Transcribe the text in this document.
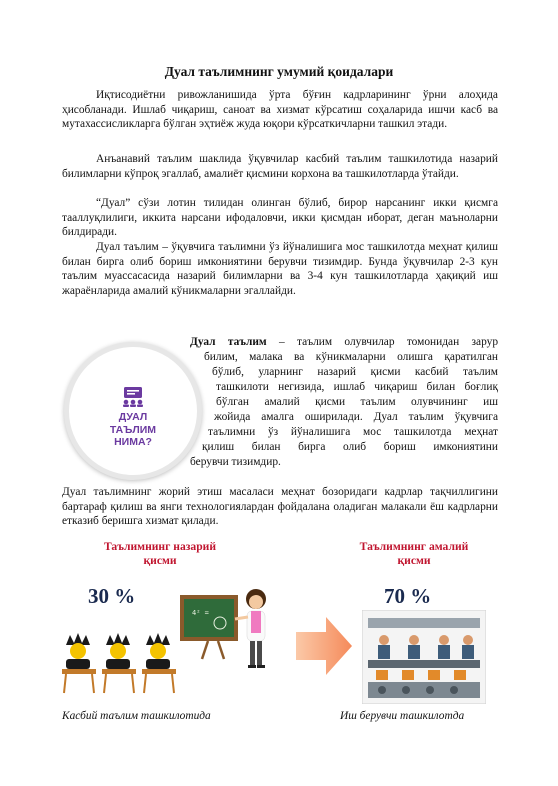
Дуал таълимнинг умумий қоидалари
Иқтисодиётни ривожланишида ўрта бўғин кадрларининг ўрни алоҳида ҳисобланади. Ишлаб чиқариш, саноат ва хизмат кўрсатиш соҳаларида ишчи касб ва мутахассисликларга бўлган эҳтиёж жуда юқори кўрсаткичларни ташкил этади.
Анъанавий таълим шаклида ўқувчилар касбий таълим ташкилотида назарий билимларни кўпроқ эгаллаб, амалиёт қисмини корхона ва ташкилотларда ўтайди.
“Дуал” сўзи лотин тилидан олинган бўлиб, бирор нарсанинг икки қисмга тааллуқлилиги, иккита нарсани ифодаловчи, икки қисмдан иборат, деган маъноларни билдиради.
Дуал таълим – ўқувчига таълимни ўз йўналишига мос ташкилотда меҳнат қилиш билан бирга олиб бориш имкониятини берувчи тизимдир. Бунда ўқувчилар 2-3 кун таълим муассасасида назарий билимларни ва 3-4 кун ташкилотларда ҳақиқий иш жараёнларида амалий кўникмаларни эгаллайди.
ДУАЛ
ТАЪЛИМ
НИМА?
Дуал таълим – таълим олувчилар томонидан зарур
билим, малака ва кўникмаларни олишга қаратилган
бўлиб, уларнинг назарий қисми касбий таълим
ташкилоти негизида, ишлаб чиқариш билан боғлиқ
бўлган амалий қисми таълим олувчининг иш
жойида амалга оширилади. Дуал таълим ўқувчига
таълимни ўз йўналишига мос ташкилотда меҳнат
қилиш билан бирга олиб бориш имкониятини
берувчи тизимдир.
Дуал таълимнинг жорий этиш масаласи меҳнат бозоридаги кадрлар тақчиллигини бартараф қилиш ва янги технологиялардан фойдалана оладиган малакали ёш кадрларни етказиб беришга хизмат қилади.
Таълимнинг назарий
қисми
Таълимнинг амалий
қисми
30 %	70 %
4² =
Касбий таълим ташкилотида	Иш берувчи ташкилотда
